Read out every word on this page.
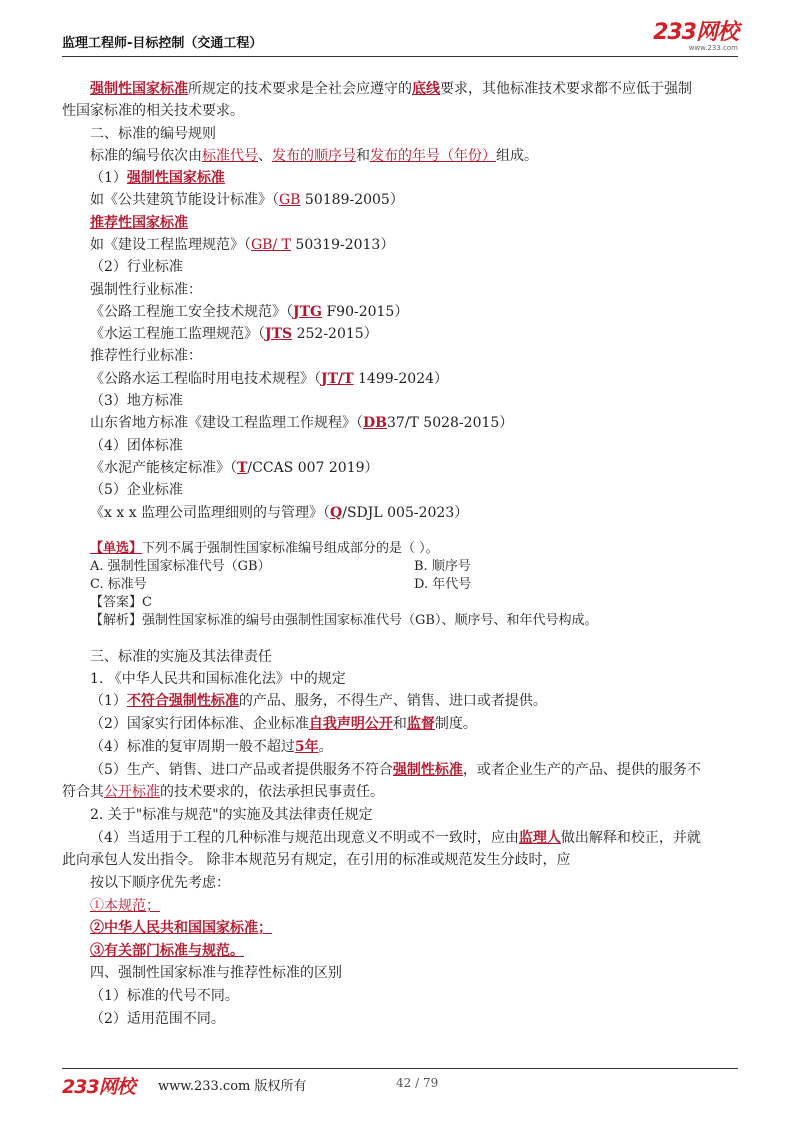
监理工程师-目标控制（交通工程）	233网校
www.233.com
强制性国家标准所规定的技术要求是全社会应遵守的底线要求，其他标准技术要求都不应低于强制
性国家标准的相关技术要求。
二、标准的编号规则
标准的编号依次由标准代号、发布的顺序号和发布的年号（年份）组成。
（1）强制性国家标准
如《公共建筑节能设计标准》（GB 50189-2005）
推荐性国家标准
如《建设工程监理规范》（GB/ T 50319-2013）
（2）行业标准
强制性行业标准：
《公路工程施工安全技术规范》（JTG F90-2015）
《水运工程施工监理规范》（JTS 252-2015）
推荐性行业标准：
《公路水运工程临时用电技术规程》（JT/T 1499-2024）
（3）地方标准
山东省地方标准《建设工程监理工作规程》（DB37/T 5028-2015）
（4）团体标准
《水泥产能核定标准》（T/CCAS 007 2019）
（5）企业标准
《x x x 监理公司监理细则的与管理》（Q/SDJL 005-2023）
【单选】下列不属于强制性国家标准编号组成部分的是（ ）。
A. 强制性国家标准代号（GB）	B. 顺序号
C. 标准号	D. 年代号
【答案】C
【解析】强制性国家标准的编号由强制性国家标准代号（GB）、顺序号、和年代号构成。
三、标准的实施及其法律责任
1. 《中华人民共和国标准化法》中的规定
（1）不符合强制性标准的产品、服务，不得生产、销售、进口或者提供。
（2）国家实行团体标准、企业标准自我声明公开和监督制度。
（4）标准的复审周期一般不超过5年。
（5）生产、销售、进口产品或者提供服务不符合强制性标准，或者企业生产的产品、提供的服务不
符合其公开标准的技术要求的，依法承担民事责任。
2. 关于"标准与规范"的实施及其法律责任规定
（4）当适用于工程的几种标准与规范出现意义不明或不一致时，应由监理人做出解释和校正，并就
此向承包人发出指令。 除非本规范另有规定，在引用的标准或规范发生分歧时，应
按以下顺序优先考虑：
①本规范；
②中华人民共和国国家标准；
③有关部门标准与规范。
四、强制性国家标准与推荐性标准的区别
（1）标准的代号不同。
（2）适用范围不同。
233网校 www.233.com 版权所有	42 / 79
